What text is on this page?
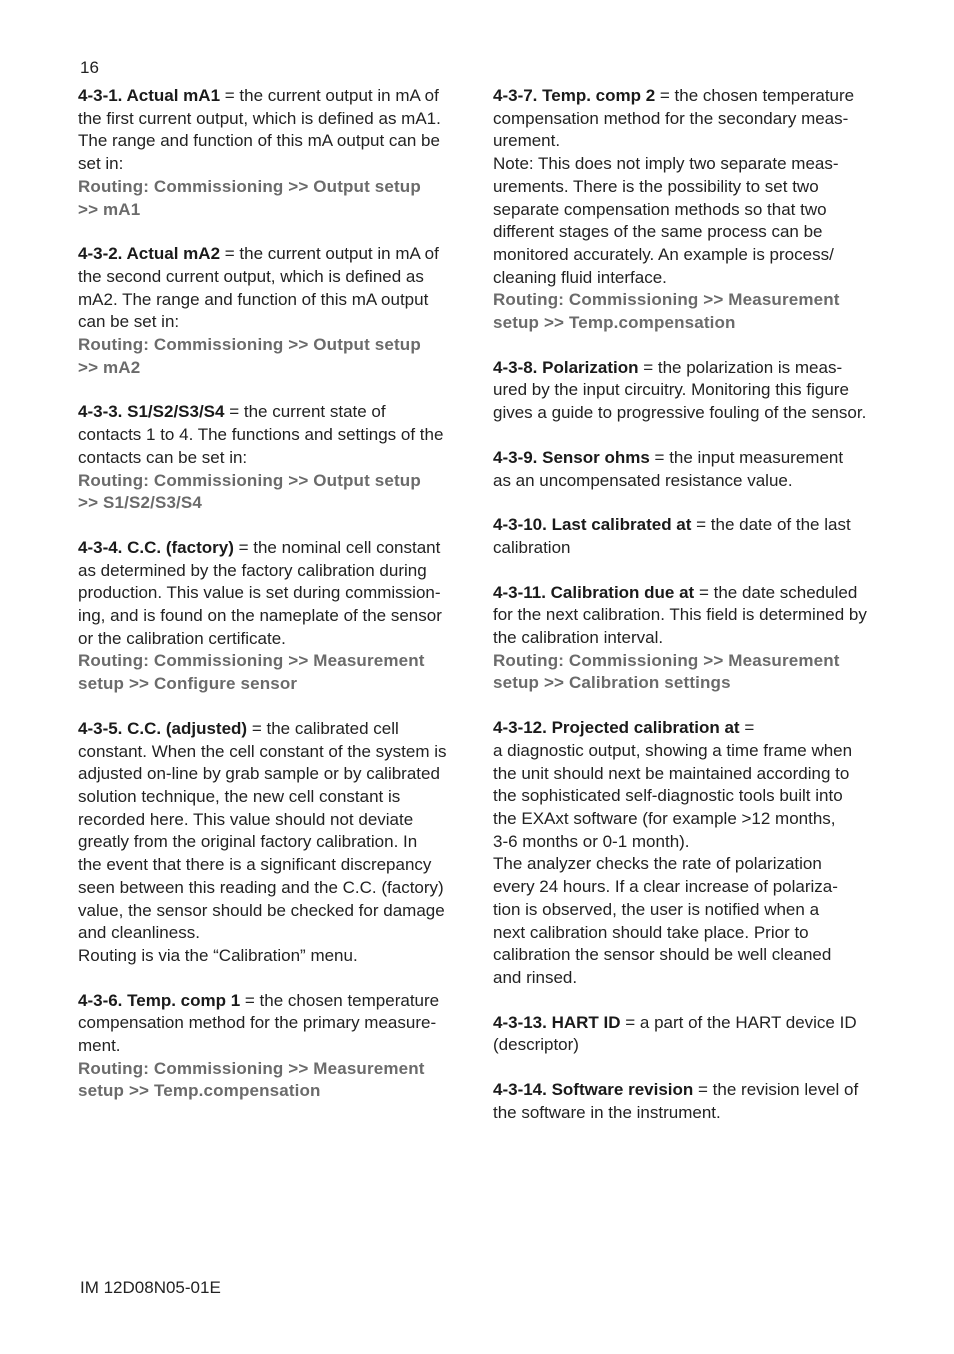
16

4-3-1. Actual mA1 = the current output in mA of

the first current output, which is defined as mA1.

The range and function of this mA output can be

set in:

Routing: Commissioning >> Output setup

>> mA1

4-3-2. Actual mA2 = the current output in mA of

the second current output, which is defined as

mA2. The range and function of this mA output

can be set in:

Routing: Commissioning >> Output setup

>> mA2

4-3-3. S1/S2/S3/S4 = the current state of

contacts 1 to 4. The functions and settings of the

contacts can be set in:

Routing: Commissioning >> Output setup

>> S1/S2/S3/S4

4-3-4. C.C. (factory) = the nominal cell constant

as determined by the factory calibration during

production. This value is set during commission-

ing, and is found on the nameplate of the sensor

or the calibration certificate.

Routing: Commissioning >> Measurement

setup >> Configure sensor

4-3-5. C.C. (adjusted) = the calibrated cell

constant. When the cell constant of the system is

adjusted on-line by grab sample or by calibrated

solution technique, the new cell constant is

recorded here. This value should not deviate

greatly from the original factory calibration. In

the event that there is a significant discrepancy

seen between this reading and the C.C. (factory)

value, the sensor should be checked for damage

and cleanliness.

Routing is via the “Calibration” menu.

4-3-6. Temp. comp 1 = the chosen temperature

compensation method for the primary measure-

ment.

Routing: Commissioning >> Measurement

setup >> Temp.compensation

4-3-7. Temp. comp 2 = the chosen temperature

compensation method for the secondary meas-

urement.

Note: This does not imply two separate meas-

urements. There is the possibility to set two

separate compensation methods so that two

different stages of the same process can be

monitored accurately. An example is process/

cleaning fluid interface.

Routing: Commissioning >> Measurement

setup >> Temp.compensation

4-3-8. Polarization = the polarization is meas-

ured by the input circuitry. Monitoring this figure

gives a guide to progressive fouling of the sensor.

4-3-9. Sensor ohms = the input measurement

as an uncompensated resistance value.

4-3-10. Last calibrated at = the date of the last

calibration

4-3-11. Calibration due at = the date scheduled

for the next calibration. This field is determined by

the calibration interval.

Routing: Commissioning >> Measurement

setup >> Calibration settings

4-3-12. Projected calibration at =

a diagnostic output, showing a time frame when

the unit should next be maintained according to

the sophisticated self-diagnostic tools built into

the EXAxt software (for example >12 months,

3-6 months or 0-1 month).

The analyzer checks the rate of polarization

every 24 hours. If a clear increase of polariza-

tion is observed, the user is notified when a

next calibration should take place. Prior to

calibration the sensor should be well cleaned

and rinsed.

4-3-13. HART ID = a part of the HART device ID

(descriptor)

4-3-14. Software revision = the revision level of

the software in the instrument.

IM 12D08N05-01E
